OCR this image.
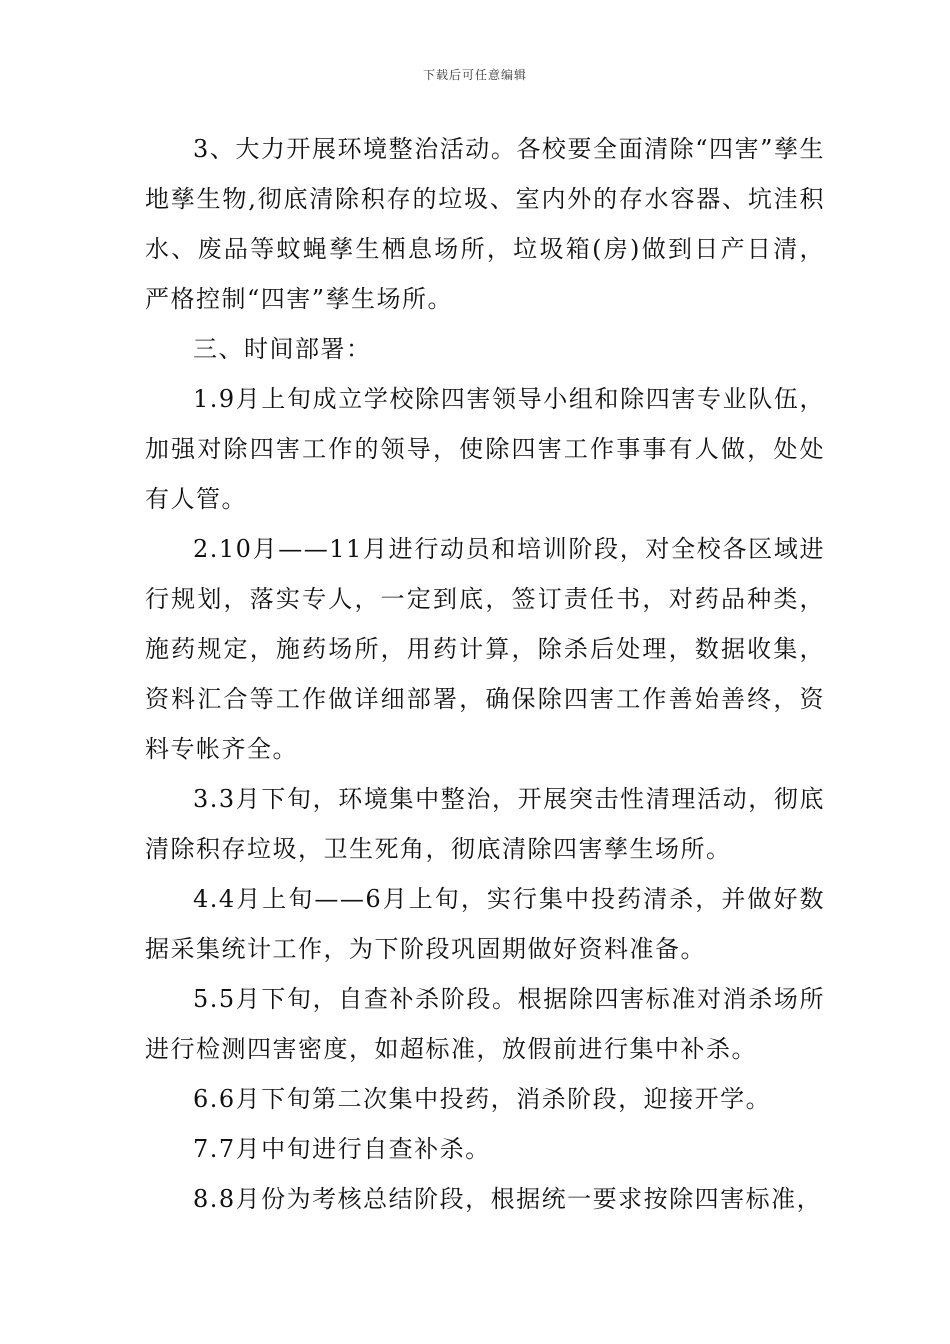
下载后可任意编辑

3、大力开展环境整治活动。各校要全面清除“四害”孳生地孳生物,彻底清除积存的垃圾、室内外的存水容器、坑洼积水、废品等蚊蝇孳生栖息场所，垃圾箱(房)做到日产日清，严格控制“四害”孳生场所。

三、时间部署：

1.9月上旬成立学校除四害领导小组和除四害专业队伍，加强对除四害工作的领导，使除四害工作事事有人做，处处有人管。

2.10月——11月进行动员和培训阶段，对全校各区域进行规划，落实专人，一定到底，签订责任书，对药品种类，施药规定，施药场所，用药计算，除杀后处理，数据收集，资料汇合等工作做详细部署，确保除四害工作善始善终，资料专帐齐全。

3.3月下旬，环境集中整治，开展突击性清理活动，彻底清除积存垃圾，卫生死角，彻底清除四害孳生场所。

4.4月上旬——6月上旬，实行集中投药清杀，并做好数据采集统计工作，为下阶段巩固期做好资料准备。

5.5月下旬，自查补杀阶段。根据除四害标准对消杀场所进行检测四害密度，如超标准，放假前进行集中补杀。

6.6月下旬第二次集中投药，消杀阶段，迎接开学。

7.7月中旬进行自查补杀。

8.8月份为考核总结阶段，根据统一要求按除四害标准，
